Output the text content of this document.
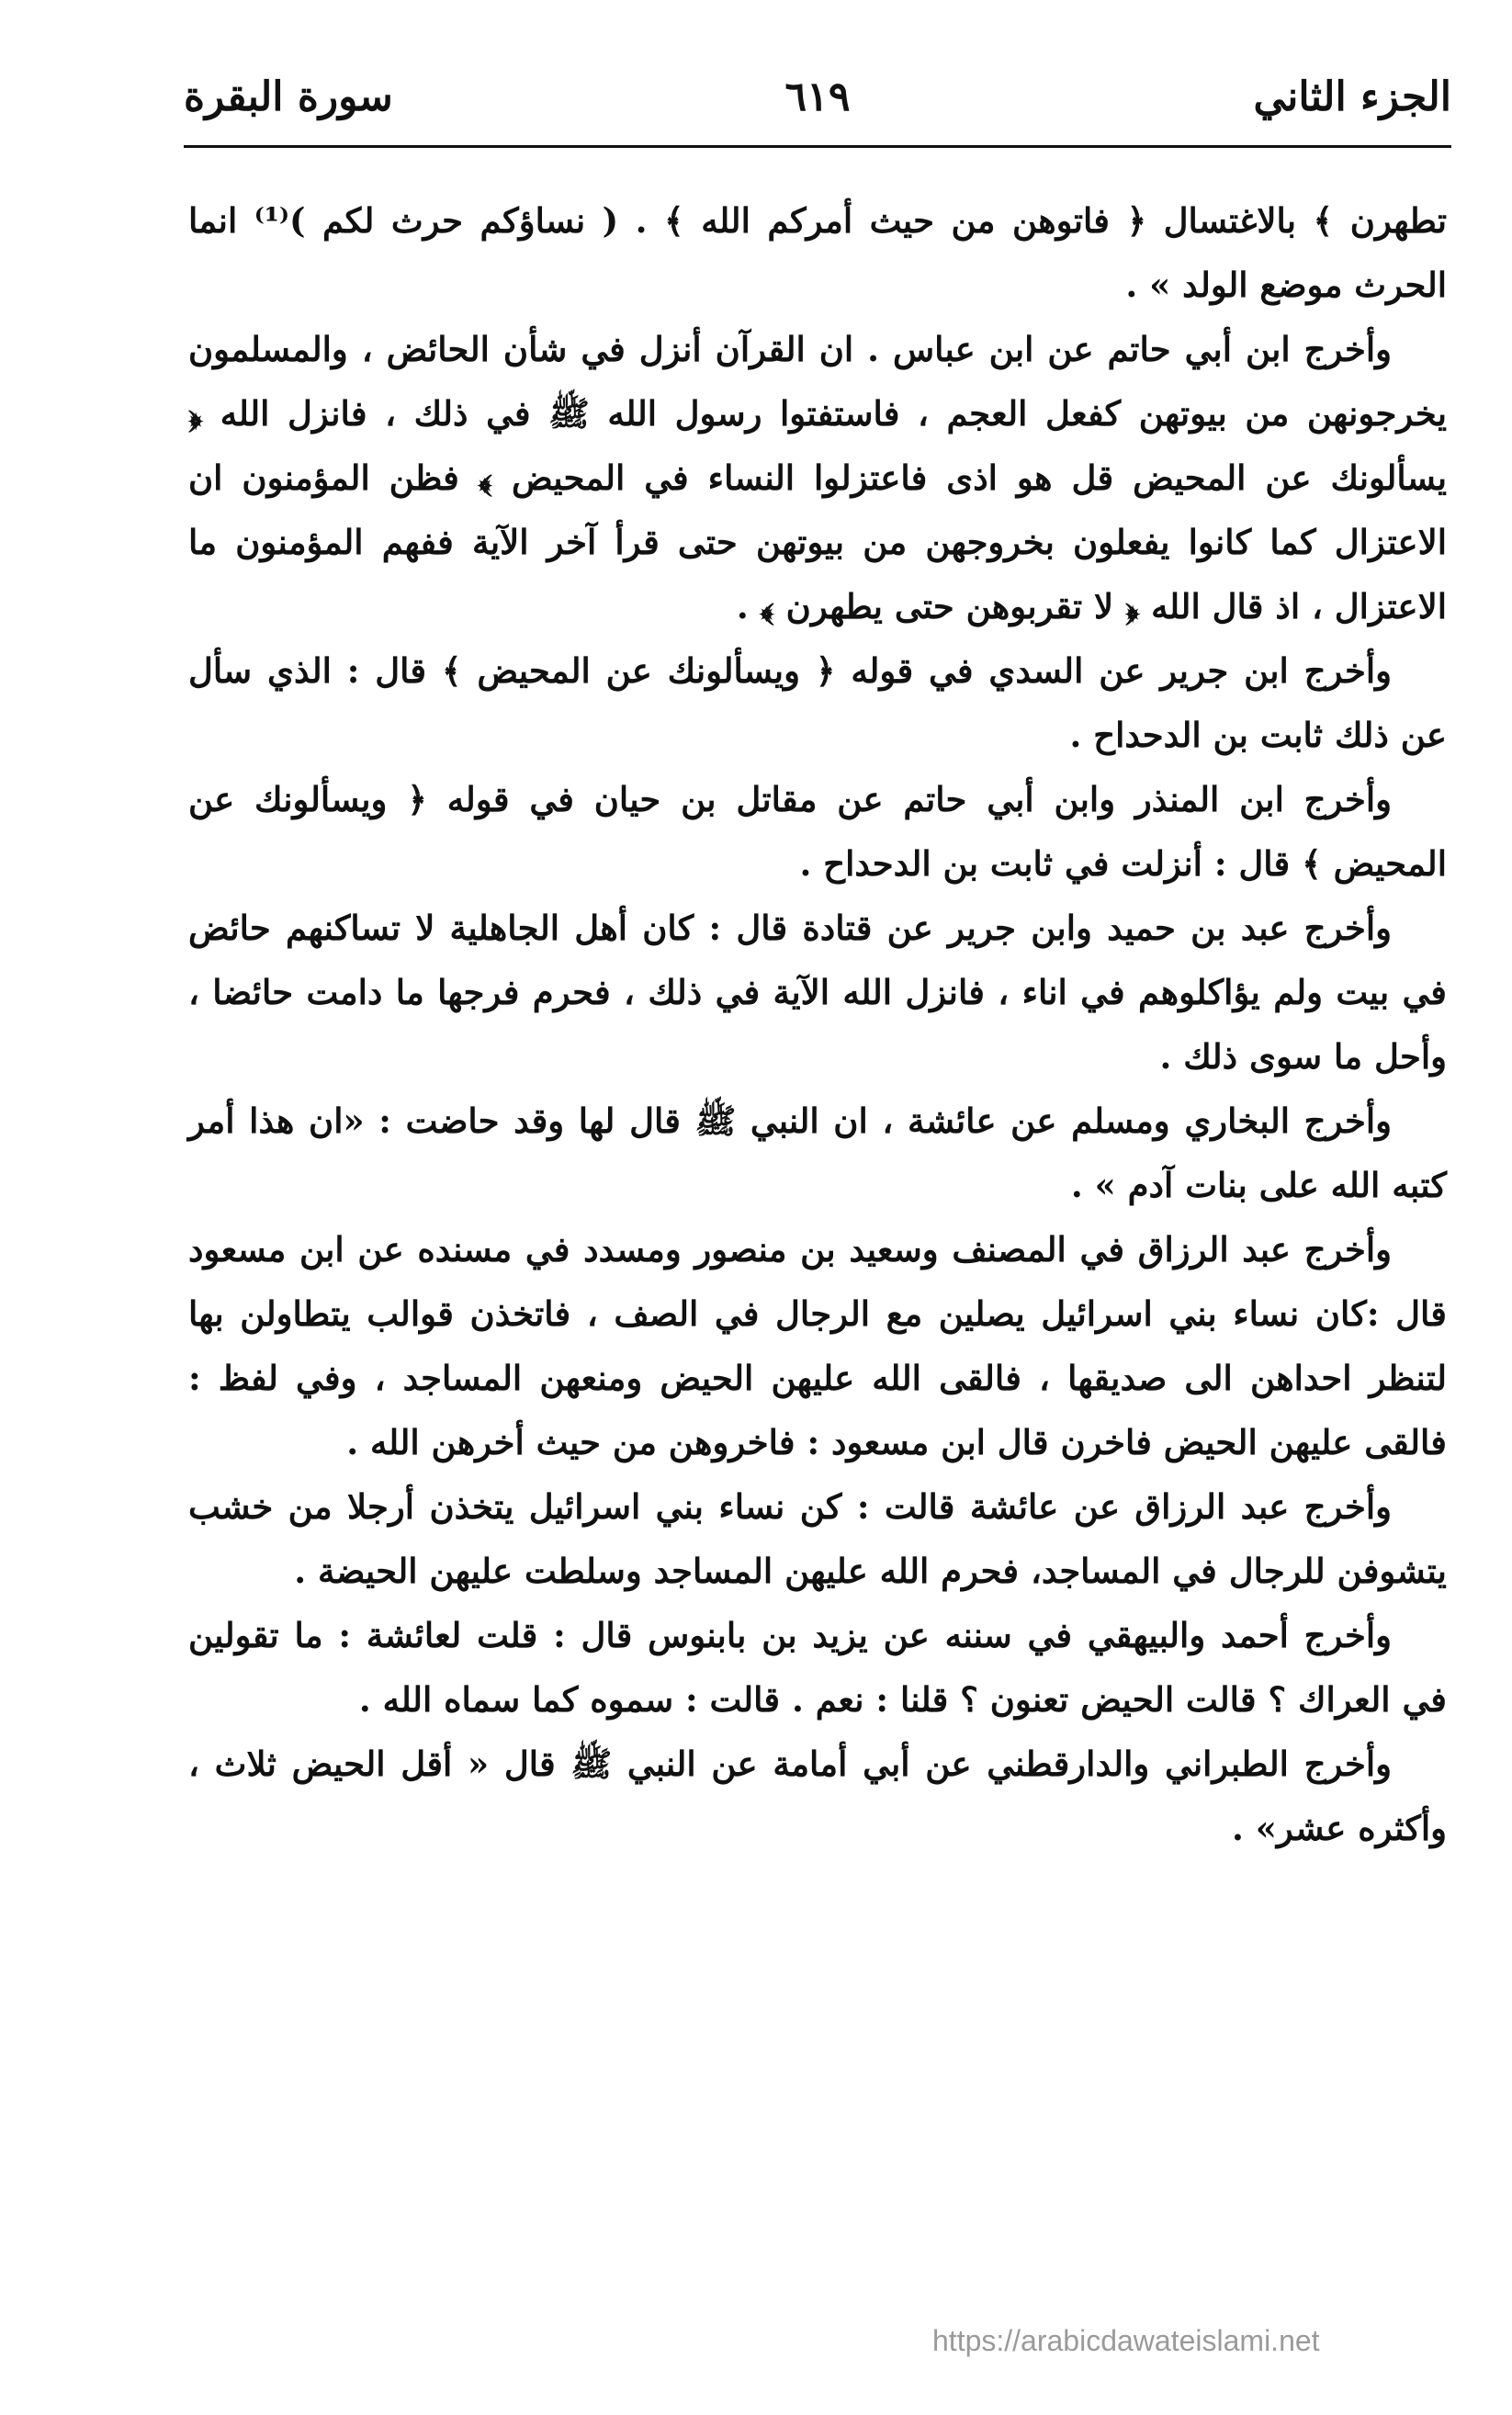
الجزء الثاني
٦١٩
سورة البقرة

تطهرن ﴾ بالاغتسال ﴿ فاتوهن من حيث أمركم الله ﴾ . ( نساؤكم حرث لكم )⁽¹⁾ انما الحرث موضع الولد » .

وأخرج ابن أبي حاتم عن ابن عباس . ان القرآن أنزل في شأن الحائض ، والمسلمون يخرجونهن من بيوتهن كفعل العجم ، فاستفتوا رسول الله ﷺ في ذلك ، فانزل الله ﴿ يسألونك عن المحيض قل هو اذى فاعتزلوا النساء في المحيض ﴾ فظن المؤمنون ان الاعتزال كما كانوا يفعلون بخروجهن من بيوتهن حتى قرأ آخر الآية ففهم المؤمنون ما الاعتزال ، اذ قال الله ﴿ لا تقربوهن حتى يطهرن ﴾ .

وأخرج ابن جرير عن السدي في قوله ﴿ ويسألونك عن المحيض ﴾ قال : الذي سأل عن ذلك ثابت بن الدحداح .

وأخرج ابن المنذر وابن أبي حاتم عن مقاتل بن حيان في قوله ﴿ ويسألونك عن المحيض ﴾ قال : أنزلت في ثابت بن الدحداح .

وأخرج عبد بن حميد وابن جرير عن قتادة قال : كان أهل الجاهلية لا تساكنهم حائض في بيت ولم يؤاكلوهم في اناء ، فانزل الله الآية في ذلك ، فحرم فرجها ما دامت حائضا ، وأحل ما سوى ذلك .

وأخرج البخاري ومسلم عن عائشة ، ان النبي ﷺ قال لها وقد حاضت : «ان هذا أمر كتبه الله على بنات آدم » .

وأخرج عبد الرزاق في المصنف وسعيد بن منصور ومسدد في مسنده عن ابن مسعود قال :كان نساء بني اسرائيل يصلين مع الرجال في الصف ، فاتخذن قوالب يتطاولن بها لتنظر احداهن الى صديقها ، فالقى الله عليهن الحيض ومنعهن المساجد ، وفي لفظ : فالقى عليهن الحيض فاخرن قال ابن مسعود : فاخروهن من حيث أخرهن الله .

وأخرج عبد الرزاق عن عائشة قالت : كن نساء بني اسرائيل يتخذن أرجلا من خشب يتشوفن للرجال في المساجد، فحرم الله عليهن المساجد وسلطت عليهن الحيضة .

وأخرج أحمد والبيهقي في سننه عن يزيد بن بابنوس قال : قلت لعائشة : ما تقولين في العراك ؟ قالت الحيض تعنون ؟ قلنا : نعم . قالت : سموه كما سماه الله .

وأخرج الطبراني والدارقطني عن أبي أمامة عن النبي ﷺ قال « أقل الحيض ثلاث ، وأكثره عشر» .

https://arabicdawateislami.net
